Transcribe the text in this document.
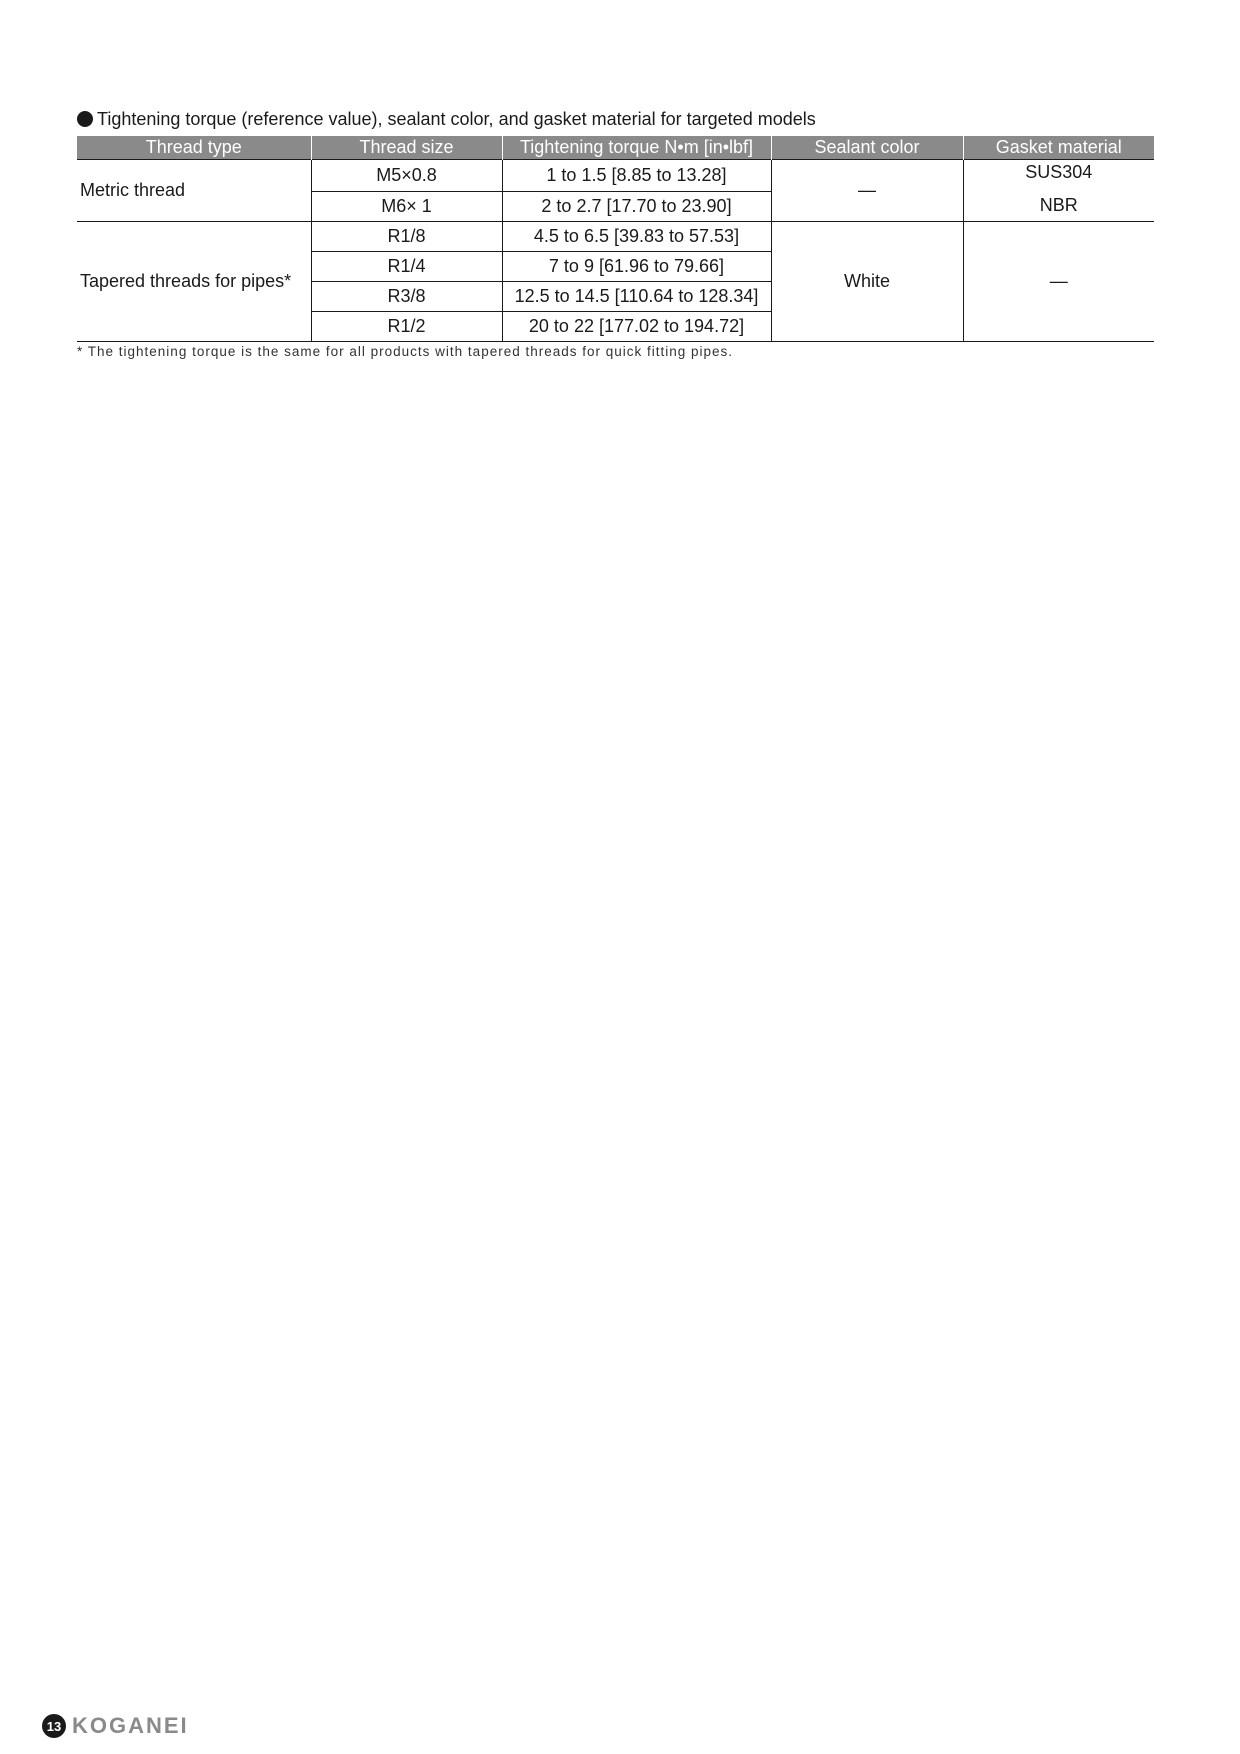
Tightening torque (reference value), sealant color, and gasket material for targeted models
Thread type	Thread size	Tightening torque N•m [in•lbf]	Sealant color	Gasket material
Metric thread	M5×0.8	1 to 1.5 [8.85 to 13.28]	—	SUS304
	M6× 1	2 to 2.7 [17.70 to 23.90]		NBR
Tapered threads for pipes*	R1/8	4.5 to 6.5 [39.83 to 57.53]	White	—
	R1/4	7 to 9 [61.96 to 79.66]		
	R3/8	12.5 to 14.5 [110.64 to 128.34]		
	R1/2	20 to 22 [177.02 to 194.72]		
* The tightening torque is the same for all products with tapered threads for quick fitting pipes.
13 KOGANEI
